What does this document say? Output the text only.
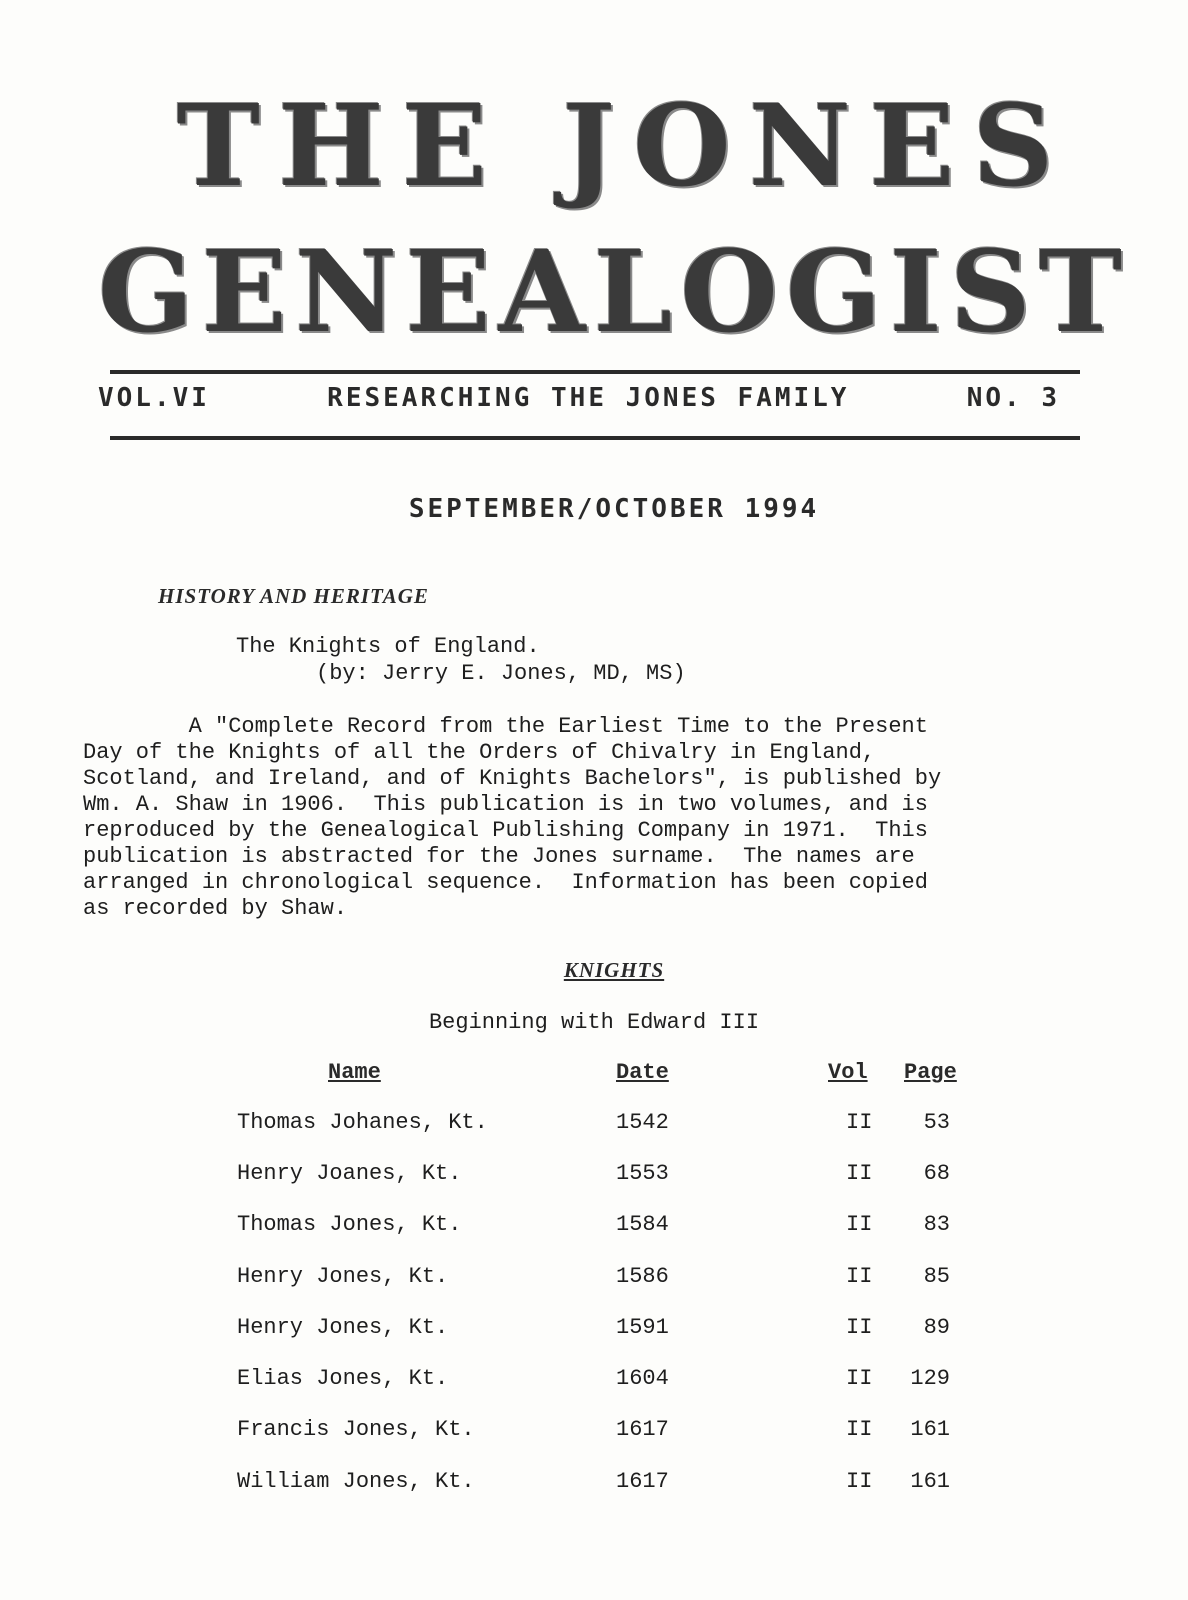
THE JONES
GENEALOGIST
VOL.VI	RESEARCHING THE JONES FAMILY	NO. 3
SEPTEMBER/OCTOBER 1994
HISTORY AND HERITAGE
The Knights of England.
(by: Jerry E. Jones, MD, MS)
A "Complete Record from the Earliest Time to the Present
Day of the Knights of all the Orders of Chivalry in England,
Scotland, and Ireland, and of Knights Bachelors", is published by
Wm. A. Shaw in 1906.  This publication is in two volumes, and is
reproduced by the Genealogical Publishing Company in 1971.  This
publication is abstracted for the Jones surname.  The names are
arranged in chronological sequence.  Information has been copied
as recorded by Shaw.
KNIGHTS
Beginning with Edward III
Name	Date	Vol Page
Thomas Johanes, Kt.	1542	II	53
Henry Joanes, Kt.	1553	II	68
Thomas Jones, Kt.	1584	II	83
Henry Jones, Kt.	1586	II	85
Henry Jones, Kt.	1591	II	89
Elias Jones, Kt.	1604	II	129
Francis Jones, Kt.	1617	II	161
William Jones, Kt.	1617	II	161
